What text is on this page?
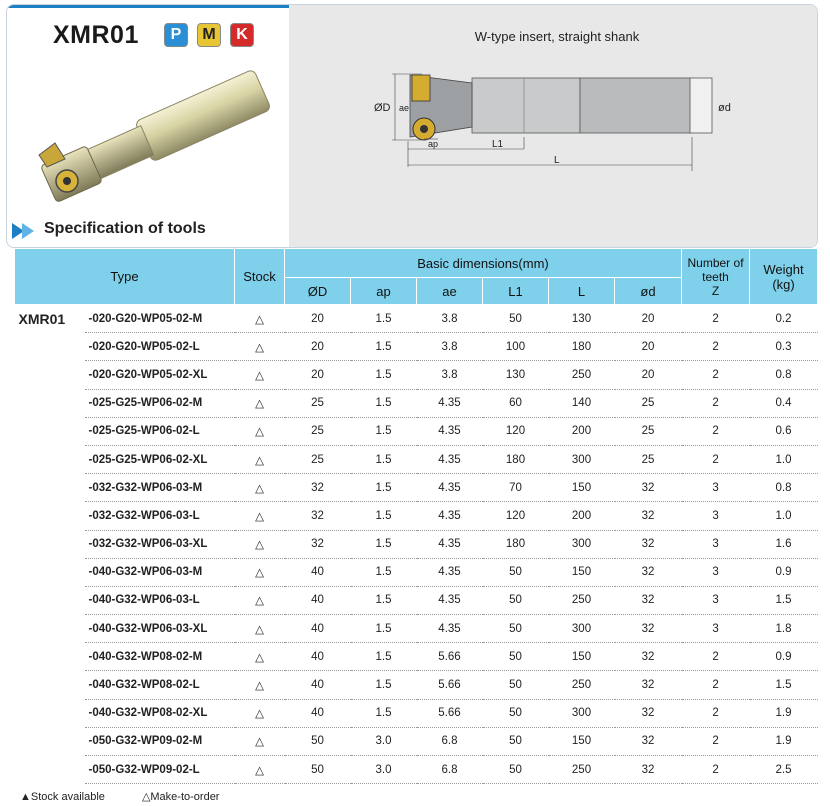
XMR01	P	M	K	W-type insert, straight shank
ØD ae
ap	L1
L
ød
Specification of tools
Type		Stock	Basic dimensions(mm)						Number of teeth
Z	Weight (kg)
			ØD	ap	ae	L1	L	ød		
XMR01	-020-G20-WP05-02-M	△	20	1.5	3.8	50	130	20	2	0.2
	-020-G20-WP05-02-L	△	20	1.5	3.8	100	180	20	2	0.3
	-020-G20-WP05-02-XL	△	20	1.5	3.8	130	250	20	2	0.8
	-025-G25-WP06-02-M	△	25	1.5	4.35	60	140	25	2	0.4
	-025-G25-WP06-02-L	△	25	1.5	4.35	120	200	25	2	0.6
	-025-G25-WP06-02-XL	△	25	1.5	4.35	180	300	25	2	1.0
	-032-G32-WP06-03-M	△	32	1.5	4.35	70	150	32	3	0.8
	-032-G32-WP06-03-L	△	32	1.5	4.35	120	200	32	3	1.0
	-032-G32-WP06-03-XL	△	32	1.5	4.35	180	300	32	3	1.6
	-040-G32-WP06-03-M	△	40	1.5	4.35	50	150	32	3	0.9
	-040-G32-WP06-03-L	△	40	1.5	4.35	50	250	32	3	1.5
	-040-G32-WP06-03-XL	△	40	1.5	4.35	50	300	32	3	1.8
	-040-G32-WP08-02-M	△	40	1.5	5.66	50	150	32	2	0.9
	-040-G32-WP08-02-L	△	40	1.5	5.66	50	250	32	2	1.5
	-040-G32-WP08-02-XL	△	40	1.5	5.66	50	300	32	2	1.9
	-050-G32-WP09-02-M	△	50	3.0	6.8	50	150	32	2	1.9
	-050-G32-WP09-02-L	△	50	3.0	6.8	50	250	32	2	2.5
▲Stock available	△Make-to-order
